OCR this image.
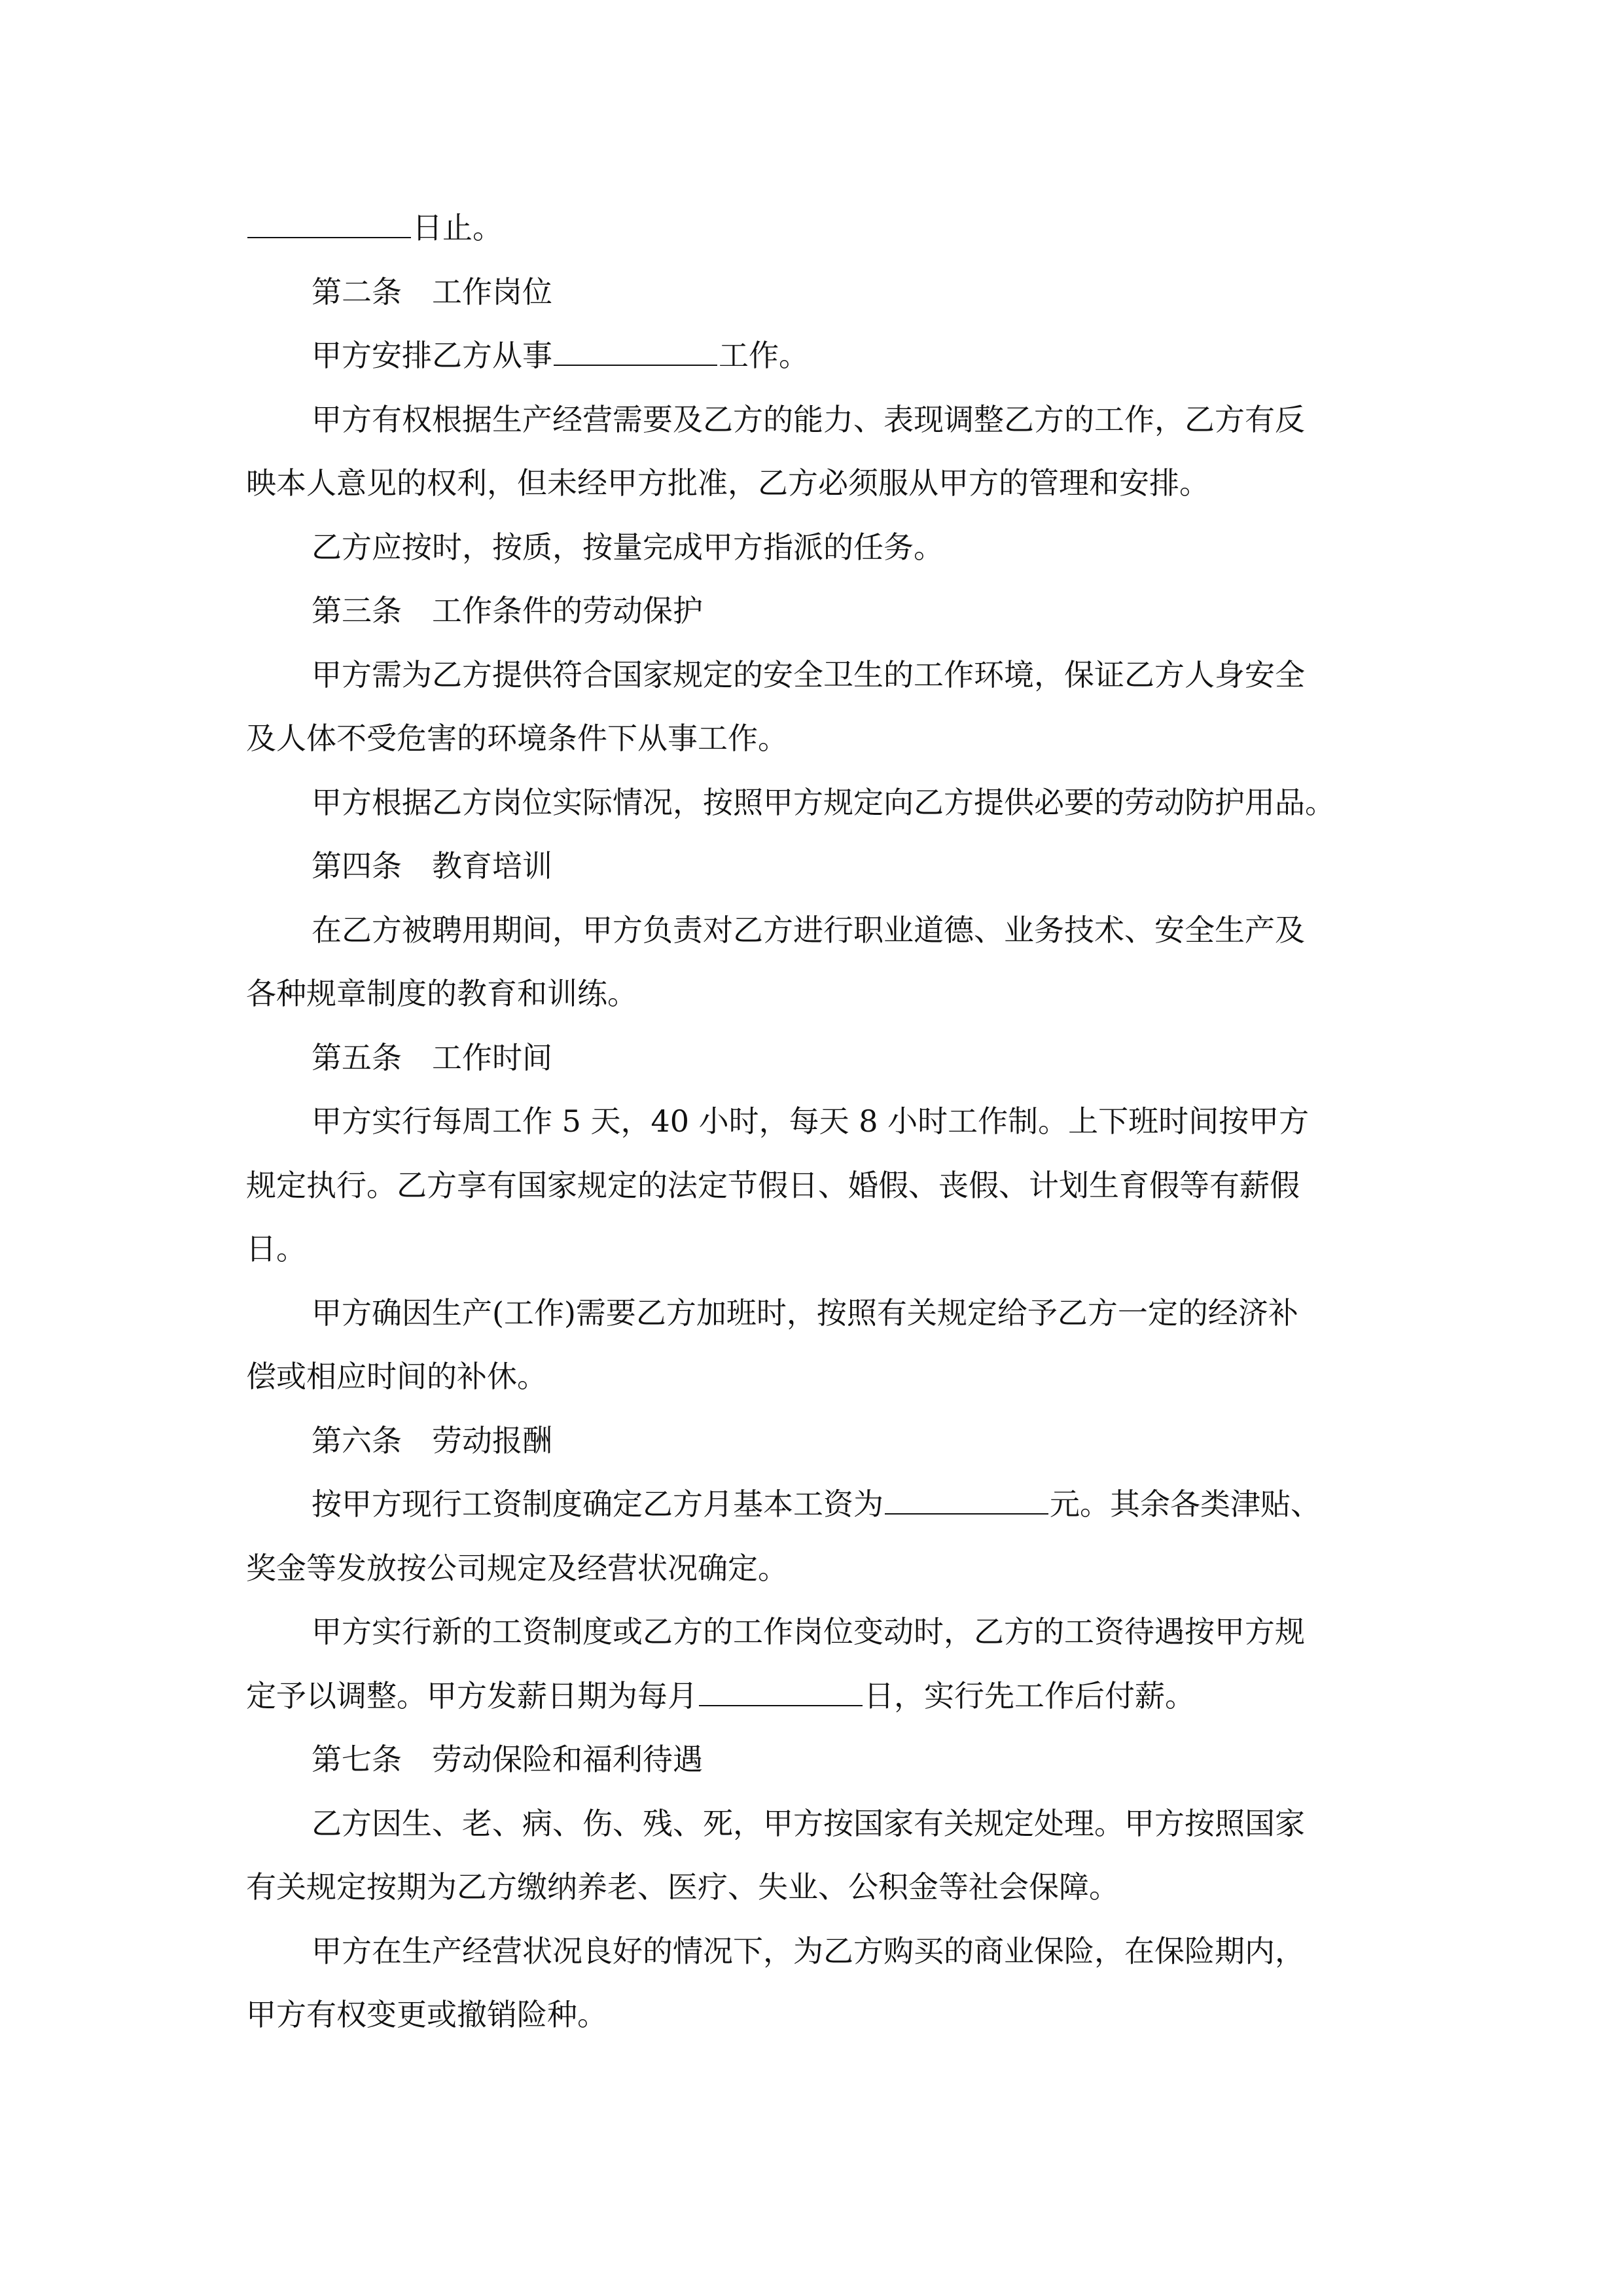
日止。
第二条 工作岗位
甲方安排乙方从事	工作。
甲方有权根据生产经营需要及乙方的能力、表现调整乙方的工作，乙方有反
映本人意见的权利，但未经甲方批准，乙方必须服从甲方的管理和安排。
乙方应按时，按质，按量完成甲方指派的任务。
第三条 工作条件的劳动保护
甲方需为乙方提供符合国家规定的安全卫生的工作环境，保证乙方人身安全
及人体不受危害的环境条件下从事工作。
甲方根据乙方岗位实际情况，按照甲方规定向乙方提供必要的劳动防护用品。
第四条 教育培训
在乙方被聘用期间，甲方负责对乙方进行职业道德、业务技术、安全生产及
各种规章制度的教育和训练。
第五条 工作时间
甲方实行每周工作 5 天，40 小时，每天 8 小时工作制。上下班时间按甲方
规定执行。乙方享有国家规定的法定节假日、婚假、丧假、计划生育假等有薪假
日。
甲方确因生产(工作)需要乙方加班时，按照有关规定给予乙方一定的经济补
偿或相应时间的补休。
第六条 劳动报酬
按甲方现行工资制度确定乙方月基本工资为	元。其余各类津贴、
奖金等发放按公司规定及经营状况确定。
甲方实行新的工资制度或乙方的工作岗位变动时，乙方的工资待遇按甲方规
定予以调整。甲方发薪日期为每月	日，实行先工作后付薪。
第七条 劳动保险和福利待遇
乙方因生、老、病、伤、残、死，甲方按国家有关规定处理。甲方按照国家
有关规定按期为乙方缴纳养老、医疗、失业、公积金等社会保障。
甲方在生产经营状况良好的情况下，为乙方购买的商业保险，在保险期内，
甲方有权变更或撤销险种。
